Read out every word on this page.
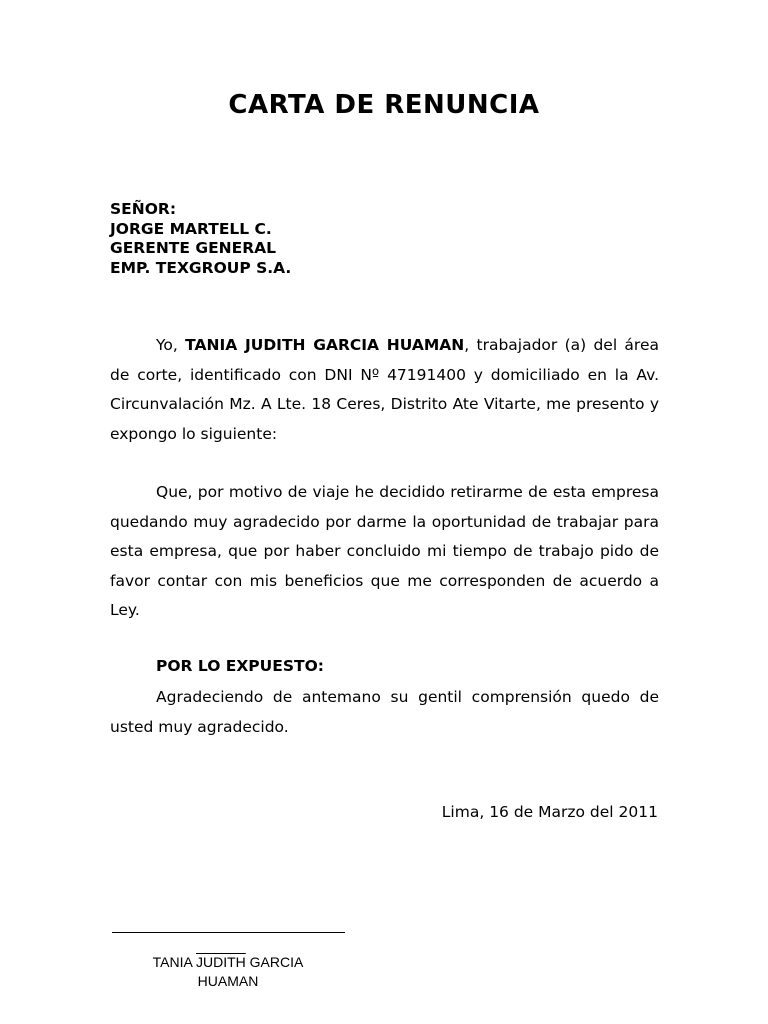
CARTA DE RENUNCIA
SEÑOR:
JORGE MARTELL C.
GERENTE GENERAL
EMP. TEXGROUP S.A.

Yo, TANIA JUDITH GARCIA HUAMAN, trabajador (a) del área de corte, identificado con DNI Nº 47191400 y domiciliado en la Av. Circunvalación Mz. A Lte. 18 Ceres, Distrito Ate Vitarte, me presento y expongo lo siguiente:

Que, por motivo de viaje he decidido retirarme de esta empresa quedando muy agradecido por darme la oportunidad de trabajar para esta empresa, que por haber concluido mi tiempo de trabajo pido de favor contar con mis beneficios que me corresponden de acuerdo a Ley.

POR LO EXPUESTO:

Agradeciendo de antemano su gentil comprensión quedo de usted muy agradecido.

Lima, 16 de Marzo del 2011
TANIA JUDITH GARCIA
HUAMAN
